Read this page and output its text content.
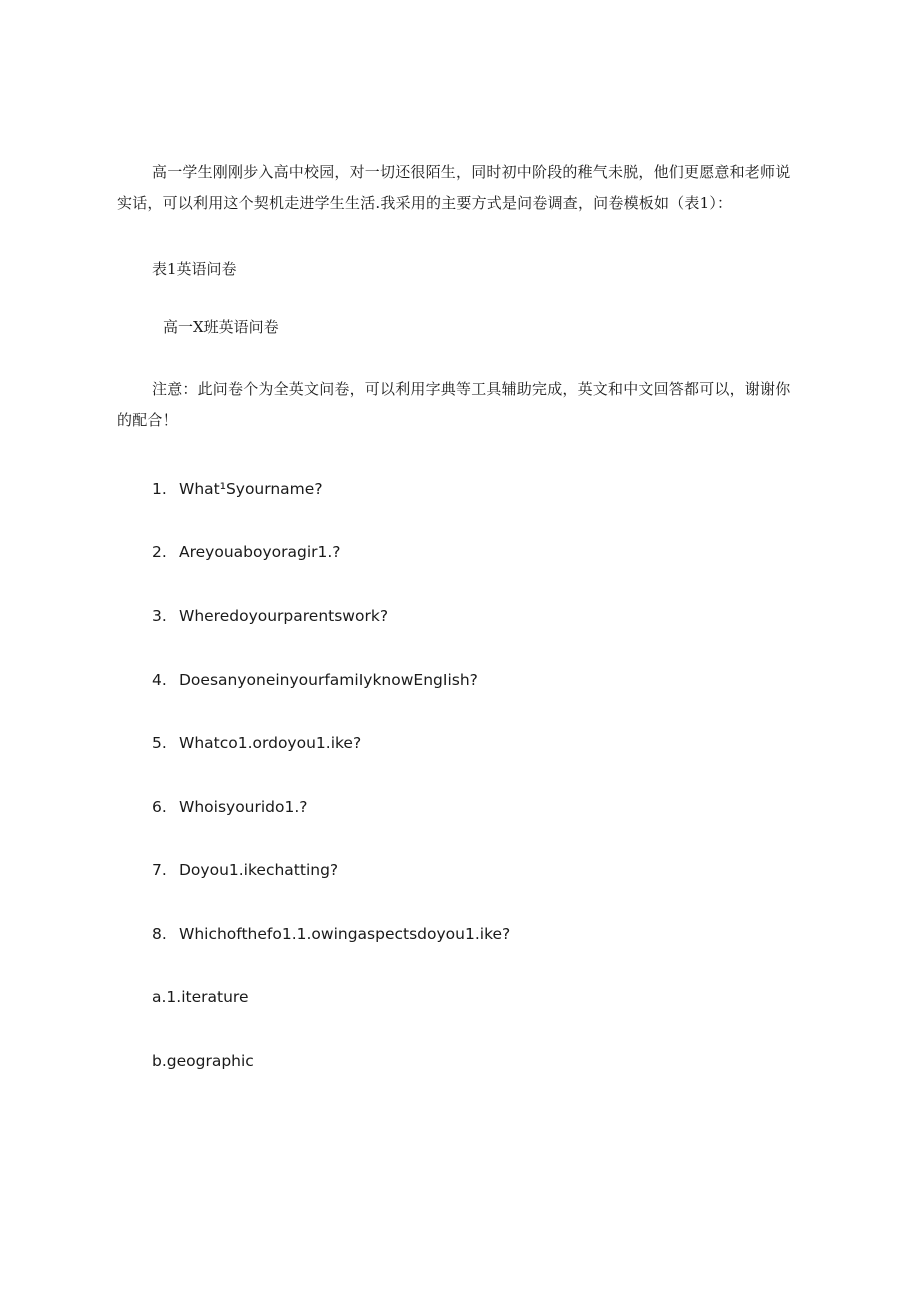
高一学生刚刚步入高中校园，对一切还很陌生，同时初中阶段的稚气未脱，他们更愿意和老师说实话，可以利用这个契机走进学生生活.我采用的主要方式是问卷调查，问卷模板如（表1）：

表1英语问卷

高一X班英语问卷

注意：此问卷个为全英文问卷，可以利用字典等工具辅助完成，英文和中文回答都可以，谢谢你的配合！

1. What¹Syourname?
2. Areyouaboyoragir1.?
3. Wheredoyourparentswork?
4. DoesanyoneinyourfamiIyknowEngIish?
5. Whatco1.ordoyou1.ike?
6. Whoisyourido1.?
7. Doyou1.ikechatting?
8. Whichofthefo1.1.owingaspectsdoyou1.ike?
a.1.iterature
b.geographic
